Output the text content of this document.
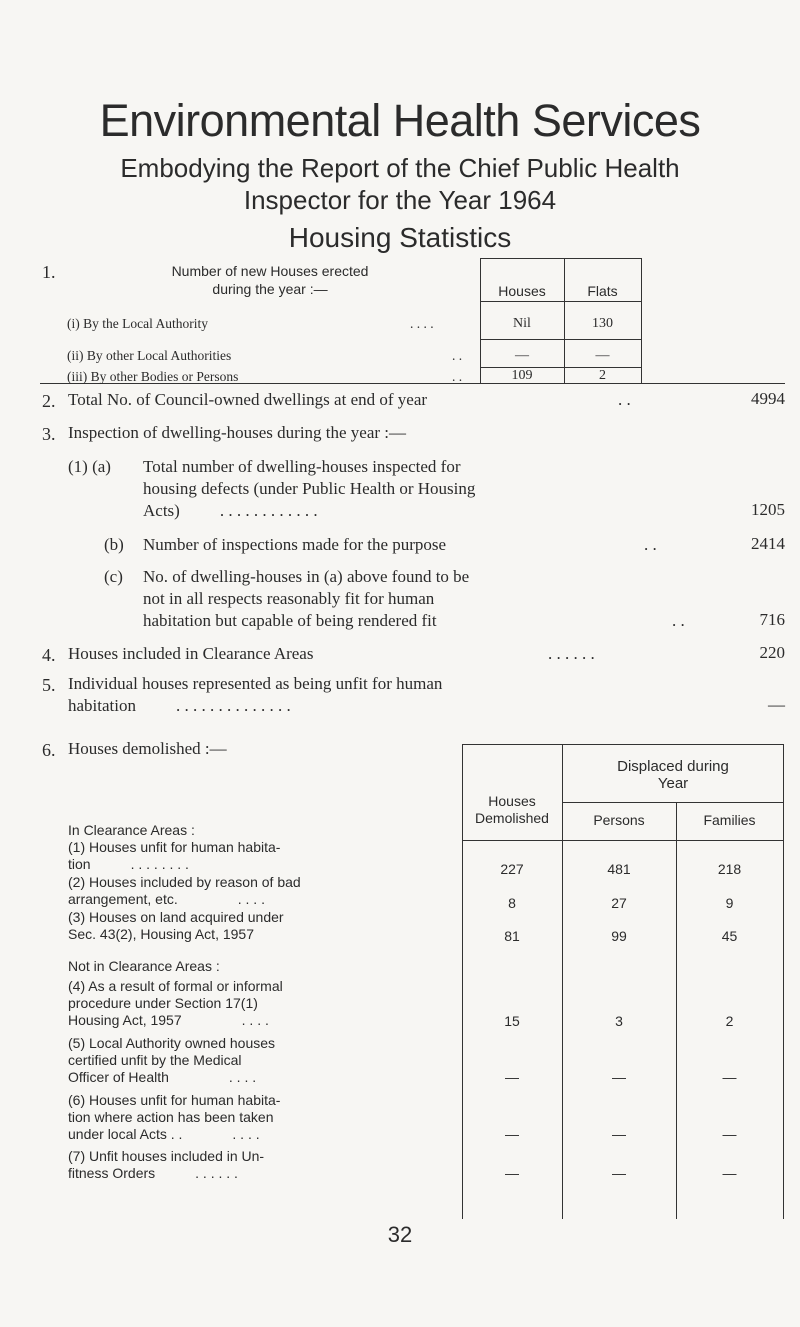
Environmental Health Services
Embodying the Report of the Chief Public Health
Inspector for the Year 1964
Housing Statistics
1.	Number of new Houses erected
during the year :—	Houses	Flats
(i) By the Local Authority	. . . .	Nil	130
(ii) By other Local Authorities	. .	—	—
(iii) By other Bodies or Persons	. .	109	2
2. Total No. of Council-owned dwellings at end of year	. .	4994
3. Inspection of dwelling-houses during the year :—
(1) (a) Total number of dwelling-houses inspected for
housing defects (under Public Health or Housing
Acts) . . . . . . . . . . . .	1205
(b) Number of inspections made for the purpose	. .	2414
(c) No. of dwelling-houses in (a) above found to be
not in all respects reasonably fit for human
habitation but capable of being rendered fit	. .	716
4. Houses included in Clearance Areas	. . . . . .	220
5. Individual houses represented as being unfit for human
habitation . . . . . . . . . . . . . .	—
6. Houses demolished :—
Houses
Demolished
Displaced during
Year
Persons	Families
In Clearance Areas :
(1) Houses unfit for human habita-
tion	. . . . . . . .	227	481	218
(2) Houses included by reason of bad
arrangement, etc.	. . . .	8	27	9
(3) Houses on land acquired under
Sec. 43(2), Housing Act, 1957	81	99	45
Not in Clearance Areas :
(4) As a result of formal or informal
procedure under Section 17(1)
Housing Act, 1957	. . . .	15	3	2
(5) Local Authority owned houses
certified unfit by the Medical
Officer of Health	. . . .	—	—	—
(6) Houses unfit for human habita-
tion where action has been taken
under local Acts . .	. . . .	—	—	—
(7) Unfit houses included in Un-
fitness Orders	. . . . . .	—	—	—
32
